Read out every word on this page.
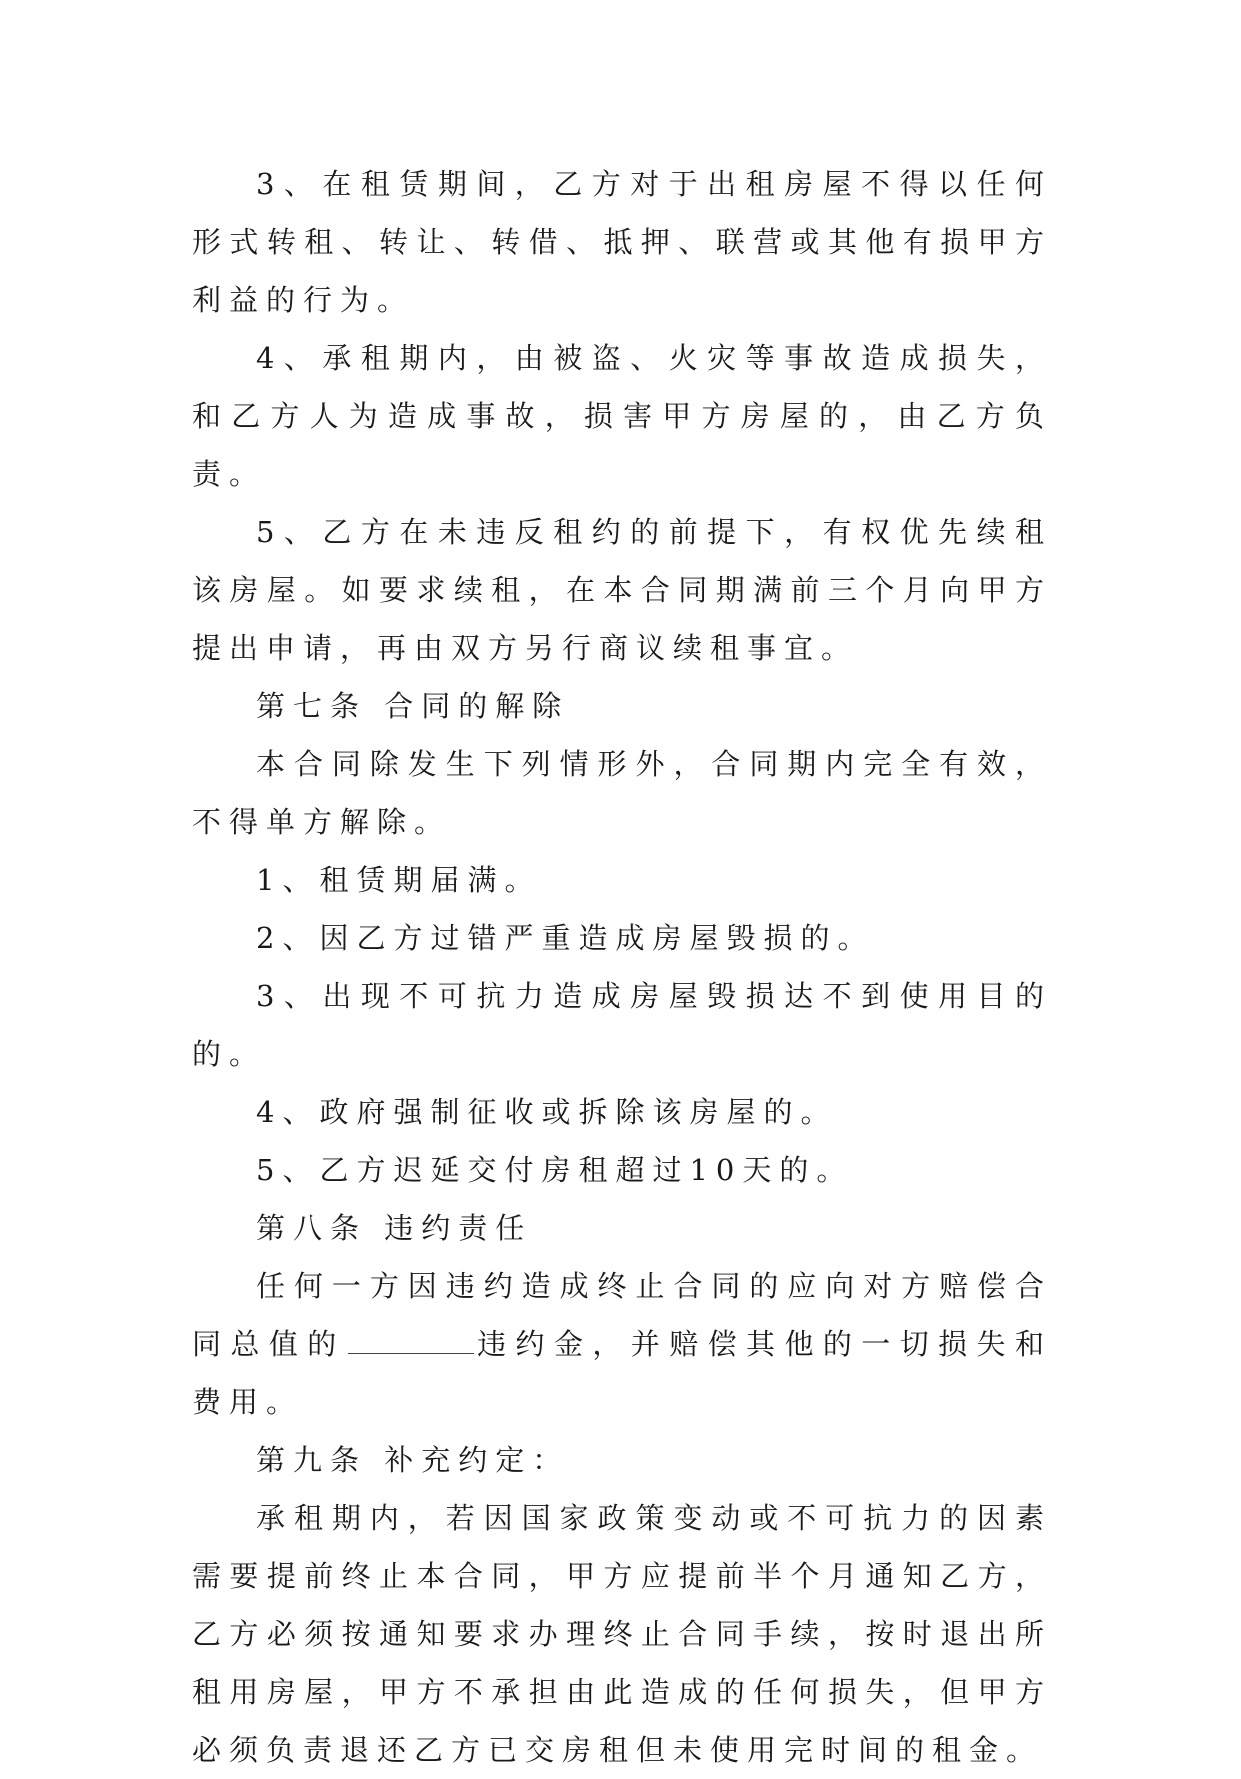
3、在租赁期间，乙方对于出租房屋不得以任何形式转租、转让、转借、抵押、联营或其他有损甲方利益的行为。

4、承租期内，由被盗、火灾等事故造成损失，和乙方人为造成事故，损害甲方房屋的，由乙方负责。

5、乙方在未违反租约的前提下，有权优先续租该房屋。如要求续租，在本合同期满前三个月向甲方提出申请，再由双方另行商议续租事宜。

第七条 合同的解除

本合同除发生下列情形外，合同期内完全有效，不得单方解除。

1、租赁期届满。

2、因乙方过错严重造成房屋毁损的。

3、出现不可抗力造成房屋毁损达不到使用目的的。

4、政府强制征收或拆除该房屋的。

5、乙方迟延交付房租超过10天的。

第八条 违约责任

任何一方因违约造成终止合同的应向对方赔偿合同总值的	违约金，并赔偿其他的一切损失和费用。

第九条 补充约定：

承租期内，若因国家政策变动或不可抗力的因素需要提前终止本合同，甲方应提前半个月通知乙方，乙方必须按通知要求办理终止合同手续，按时退出所租用房屋，甲方不承担由此造成的任何损失，但甲方必须负责退还乙方已交房租但未使用完时间的租金。
